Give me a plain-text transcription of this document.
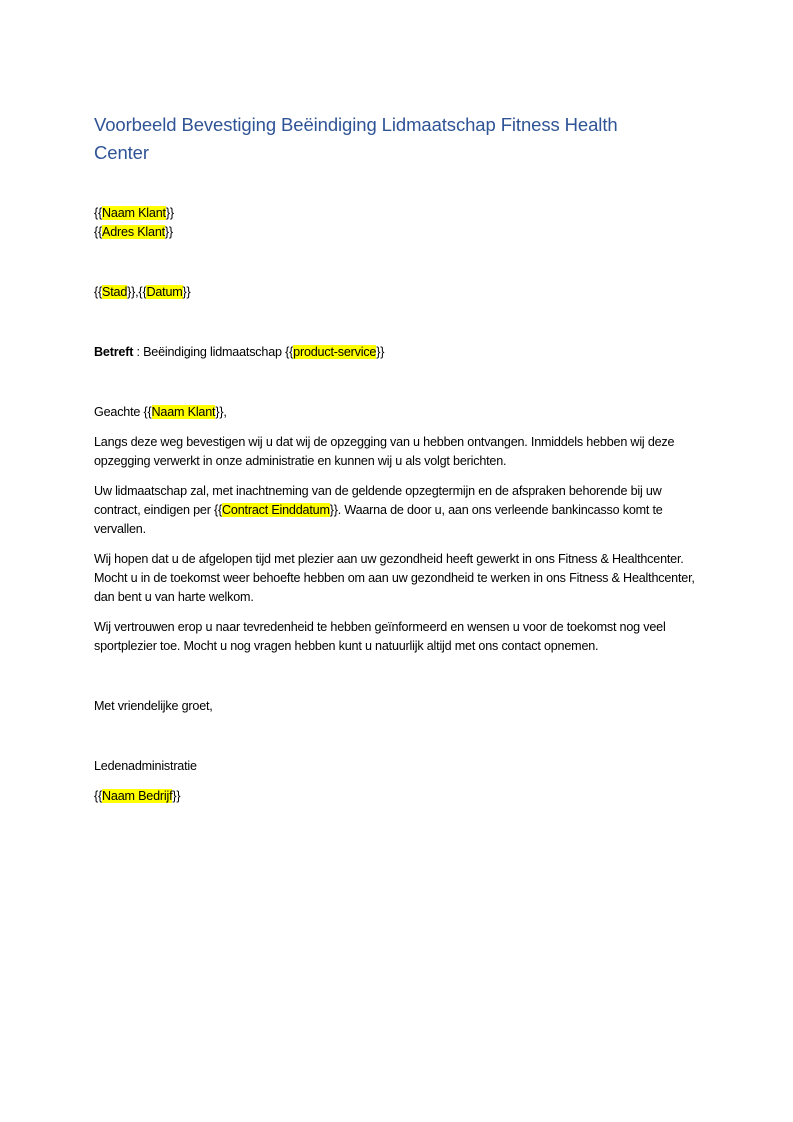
Voorbeeld Bevestiging Beëindiging Lidmaatschap Fitness Health Center

{{Naam Klant}}

{{Adres Klant}}

{{Stad}},{{Datum}}

Betreft : Beëindiging lidmaatschap {{product-service}}

Geachte {{Naam Klant}},

Langs deze weg bevestigen wij u dat wij de opzegging van u hebben ontvangen. Inmiddels hebben wij deze opzegging verwerkt in onze administratie en kunnen wij u als volgt berichten.

Uw lidmaatschap zal, met inachtneming van de geldende opzegtermijn en de afspraken behorende bij uw contract, eindigen per {{Contract Einddatum}}. Waarna de door u, aan ons verleende bankincasso komt te vervallen.

Wij hopen dat u de afgelopen tijd met plezier aan uw gezondheid heeft gewerkt in ons Fitness & Healthcenter. Mocht u in de toekomst weer behoefte hebben om aan uw gezondheid te werken in ons Fitness & Healthcenter, dan bent u van harte welkom.

Wij vertrouwen erop u naar tevredenheid te hebben geïnformeerd en wensen u voor de toekomst nog veel sportplezier toe. Mocht u nog vragen hebben kunt u natuurlijk altijd met ons contact opnemen.

Met vriendelijke groet,

Ledenadministratie

{{Naam Bedrijf}}
